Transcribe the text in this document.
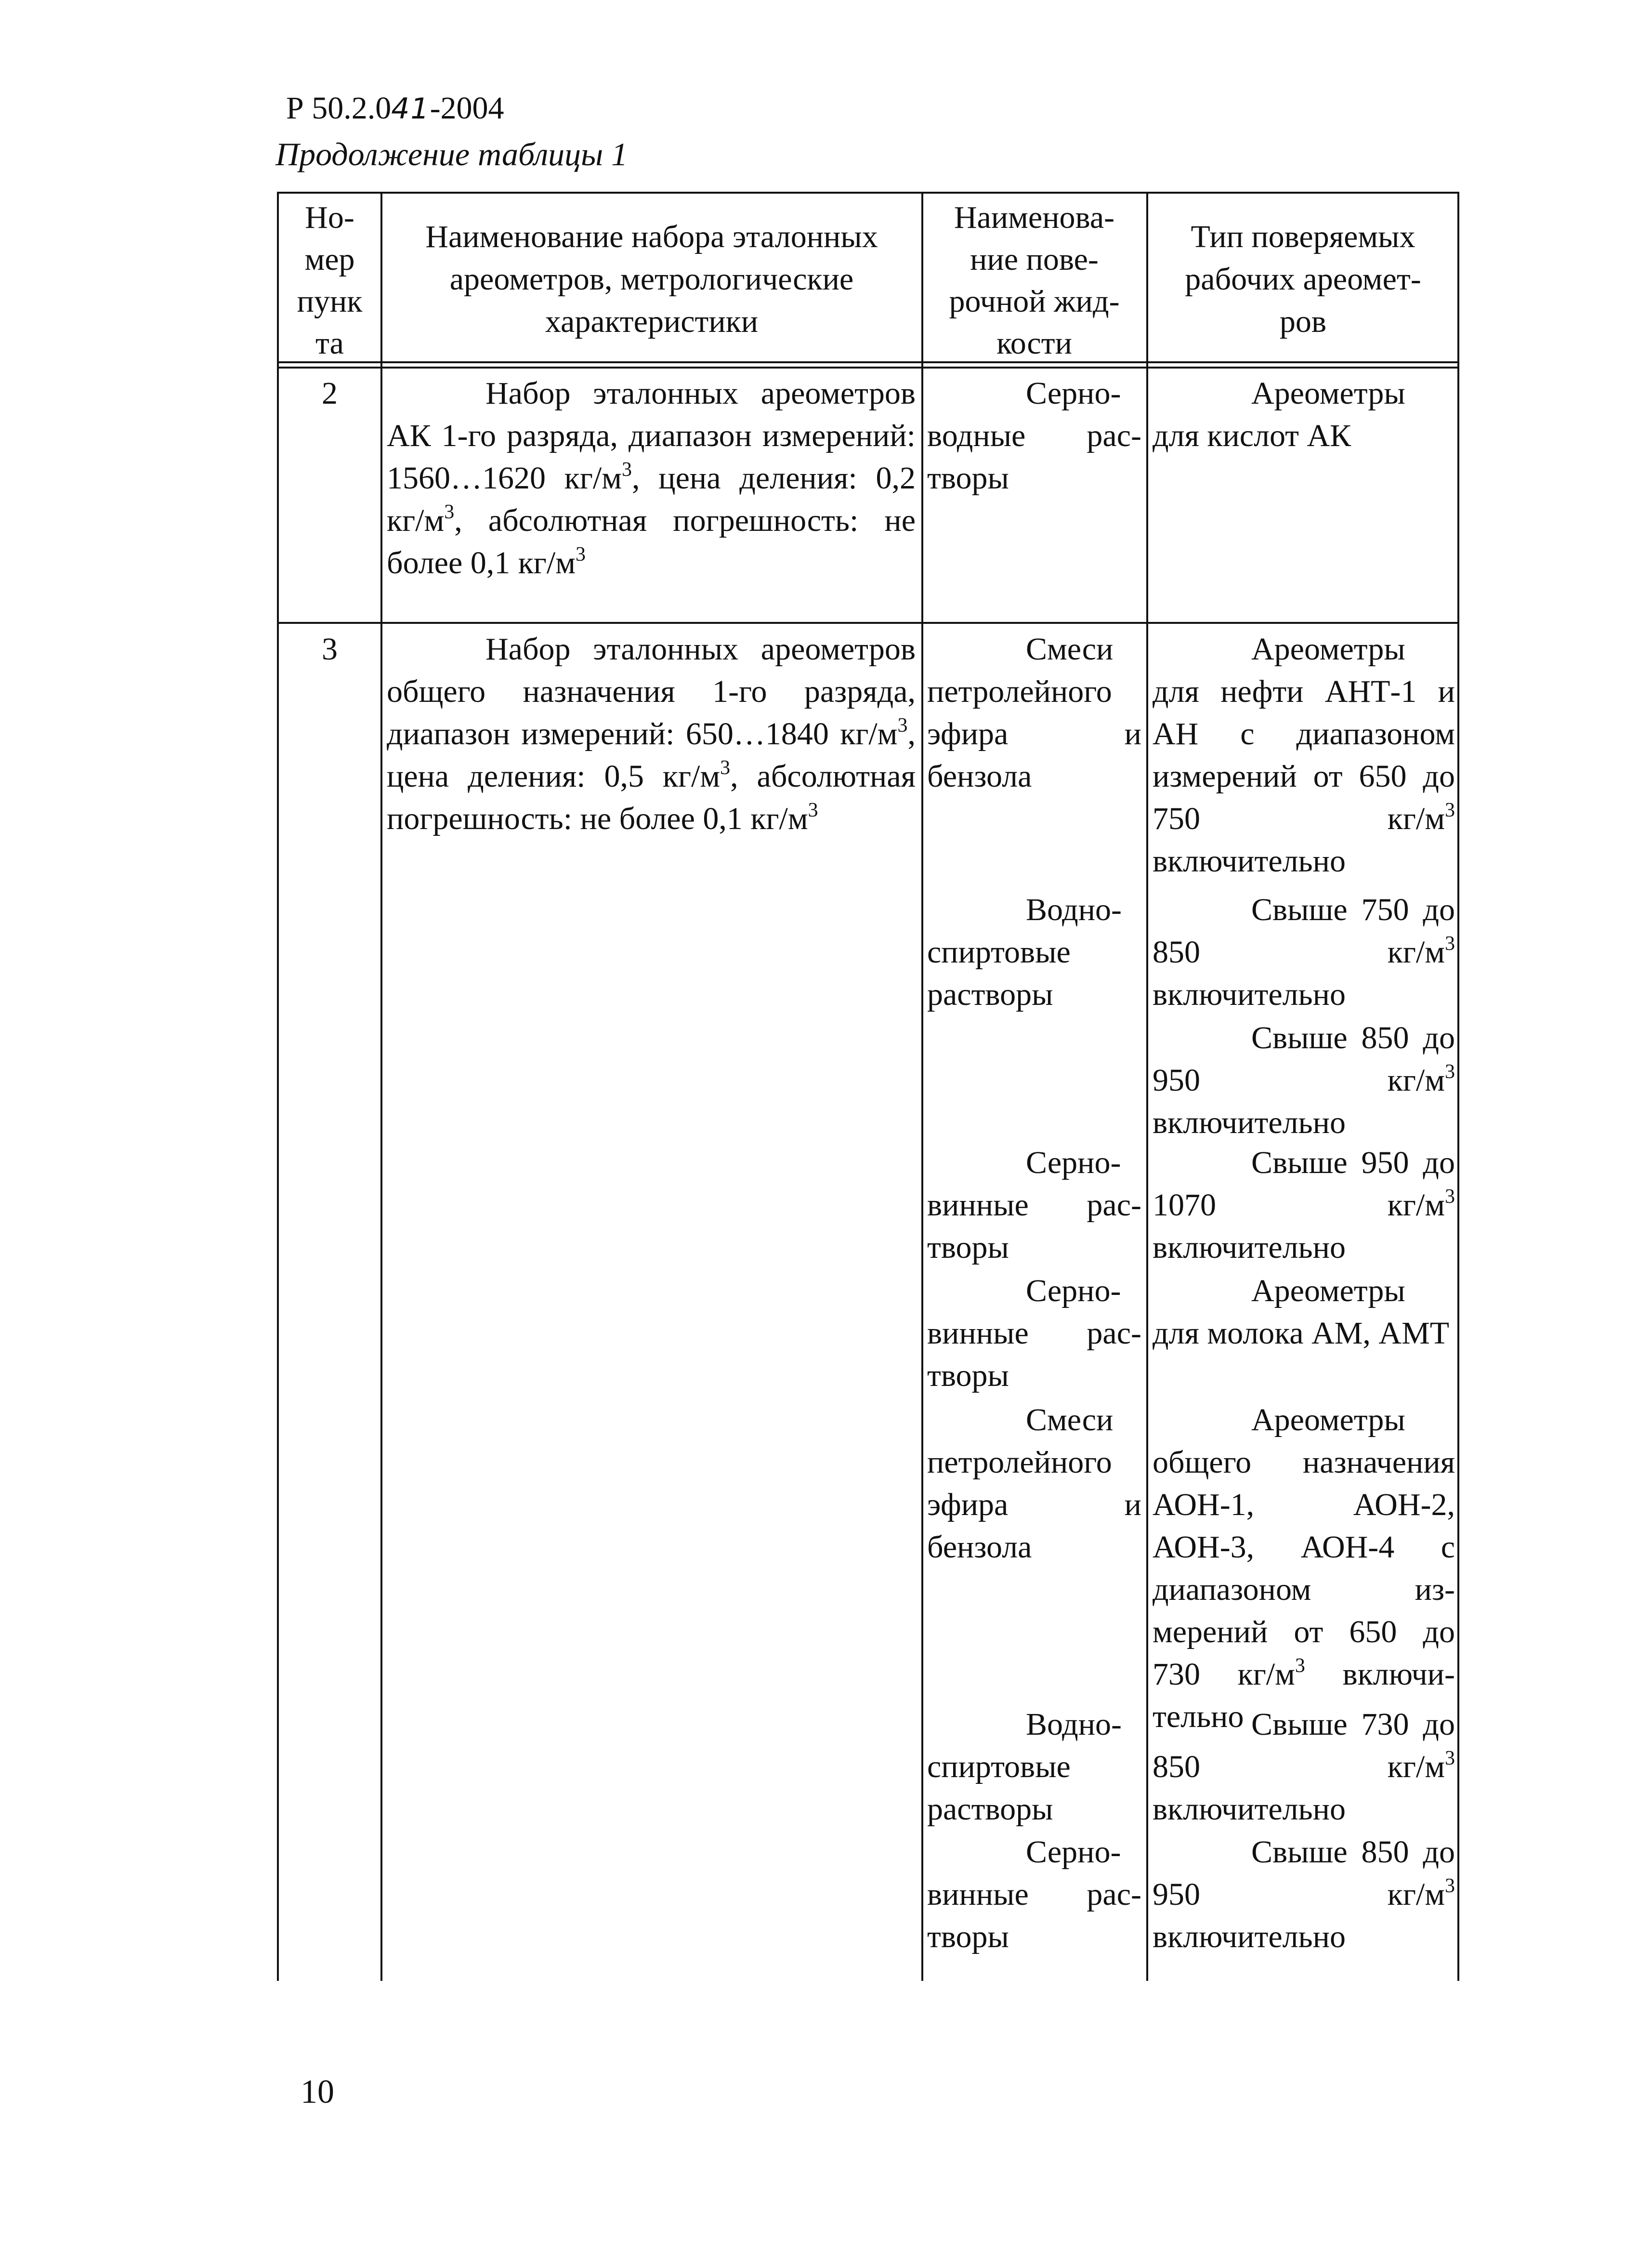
Р 50.2.041-2004
Продолжение таблицы 1
Но-
мер
пунк
та
Наименование набора эталонных
ареометров, метрологические
характеристики
Наименова-
ние пове-
рочной жид-
кости
Тип поверяемых
рабочих ареомет-
ров
2	Набор эталонных ареометров АК 1-го разряда, диапазон измерений: 1560…1620 $кг/м^3$, цена деления: 0,2 $кг/м^3$, абсолютная погрешность: не более 0,1 $кг/м^3$
Серноводные растворы
Ареометры для кислот АК
3	Набор эталонных ареометров общего назначения 1-го разряда, диапазон измерений: 650…1840 $кг/м^3$, цена деления: 0,5 $кг/м^3$, абсолютная погрешность: не более 0,1 $кг/м^3$
Смеси петролейного эфира и бензола
Водноспиртовые растворы
Серновинные растворы
Серновинные растворы
Смеси петролейного эфира и бензола
Водноспиртовые растворы
Серновинные растворы
Ареометры для нефти АНТ-1 и АН с диапазоном измерений от 650 до 750 $кг/м^3$ включительно
Свыше 750 до 850 $кг/м^3$ включительно
Свыше 850 до 950 $кг/м^3$ включительно
Свыше 950 до 1070 $кг/м^3$ включительно
Ареометры для молока АМ, АМТ
Ареометры общего назначения АОН-1, АОН-2, АОН-3, АОН-4 с диапазоном измерений от 650 до 730 $кг/м^3$ включительно Свыше 730 до 850 $кг/м^3$ включительно
Свыше 850 до 950 $кг/м^3$ включительно
10
